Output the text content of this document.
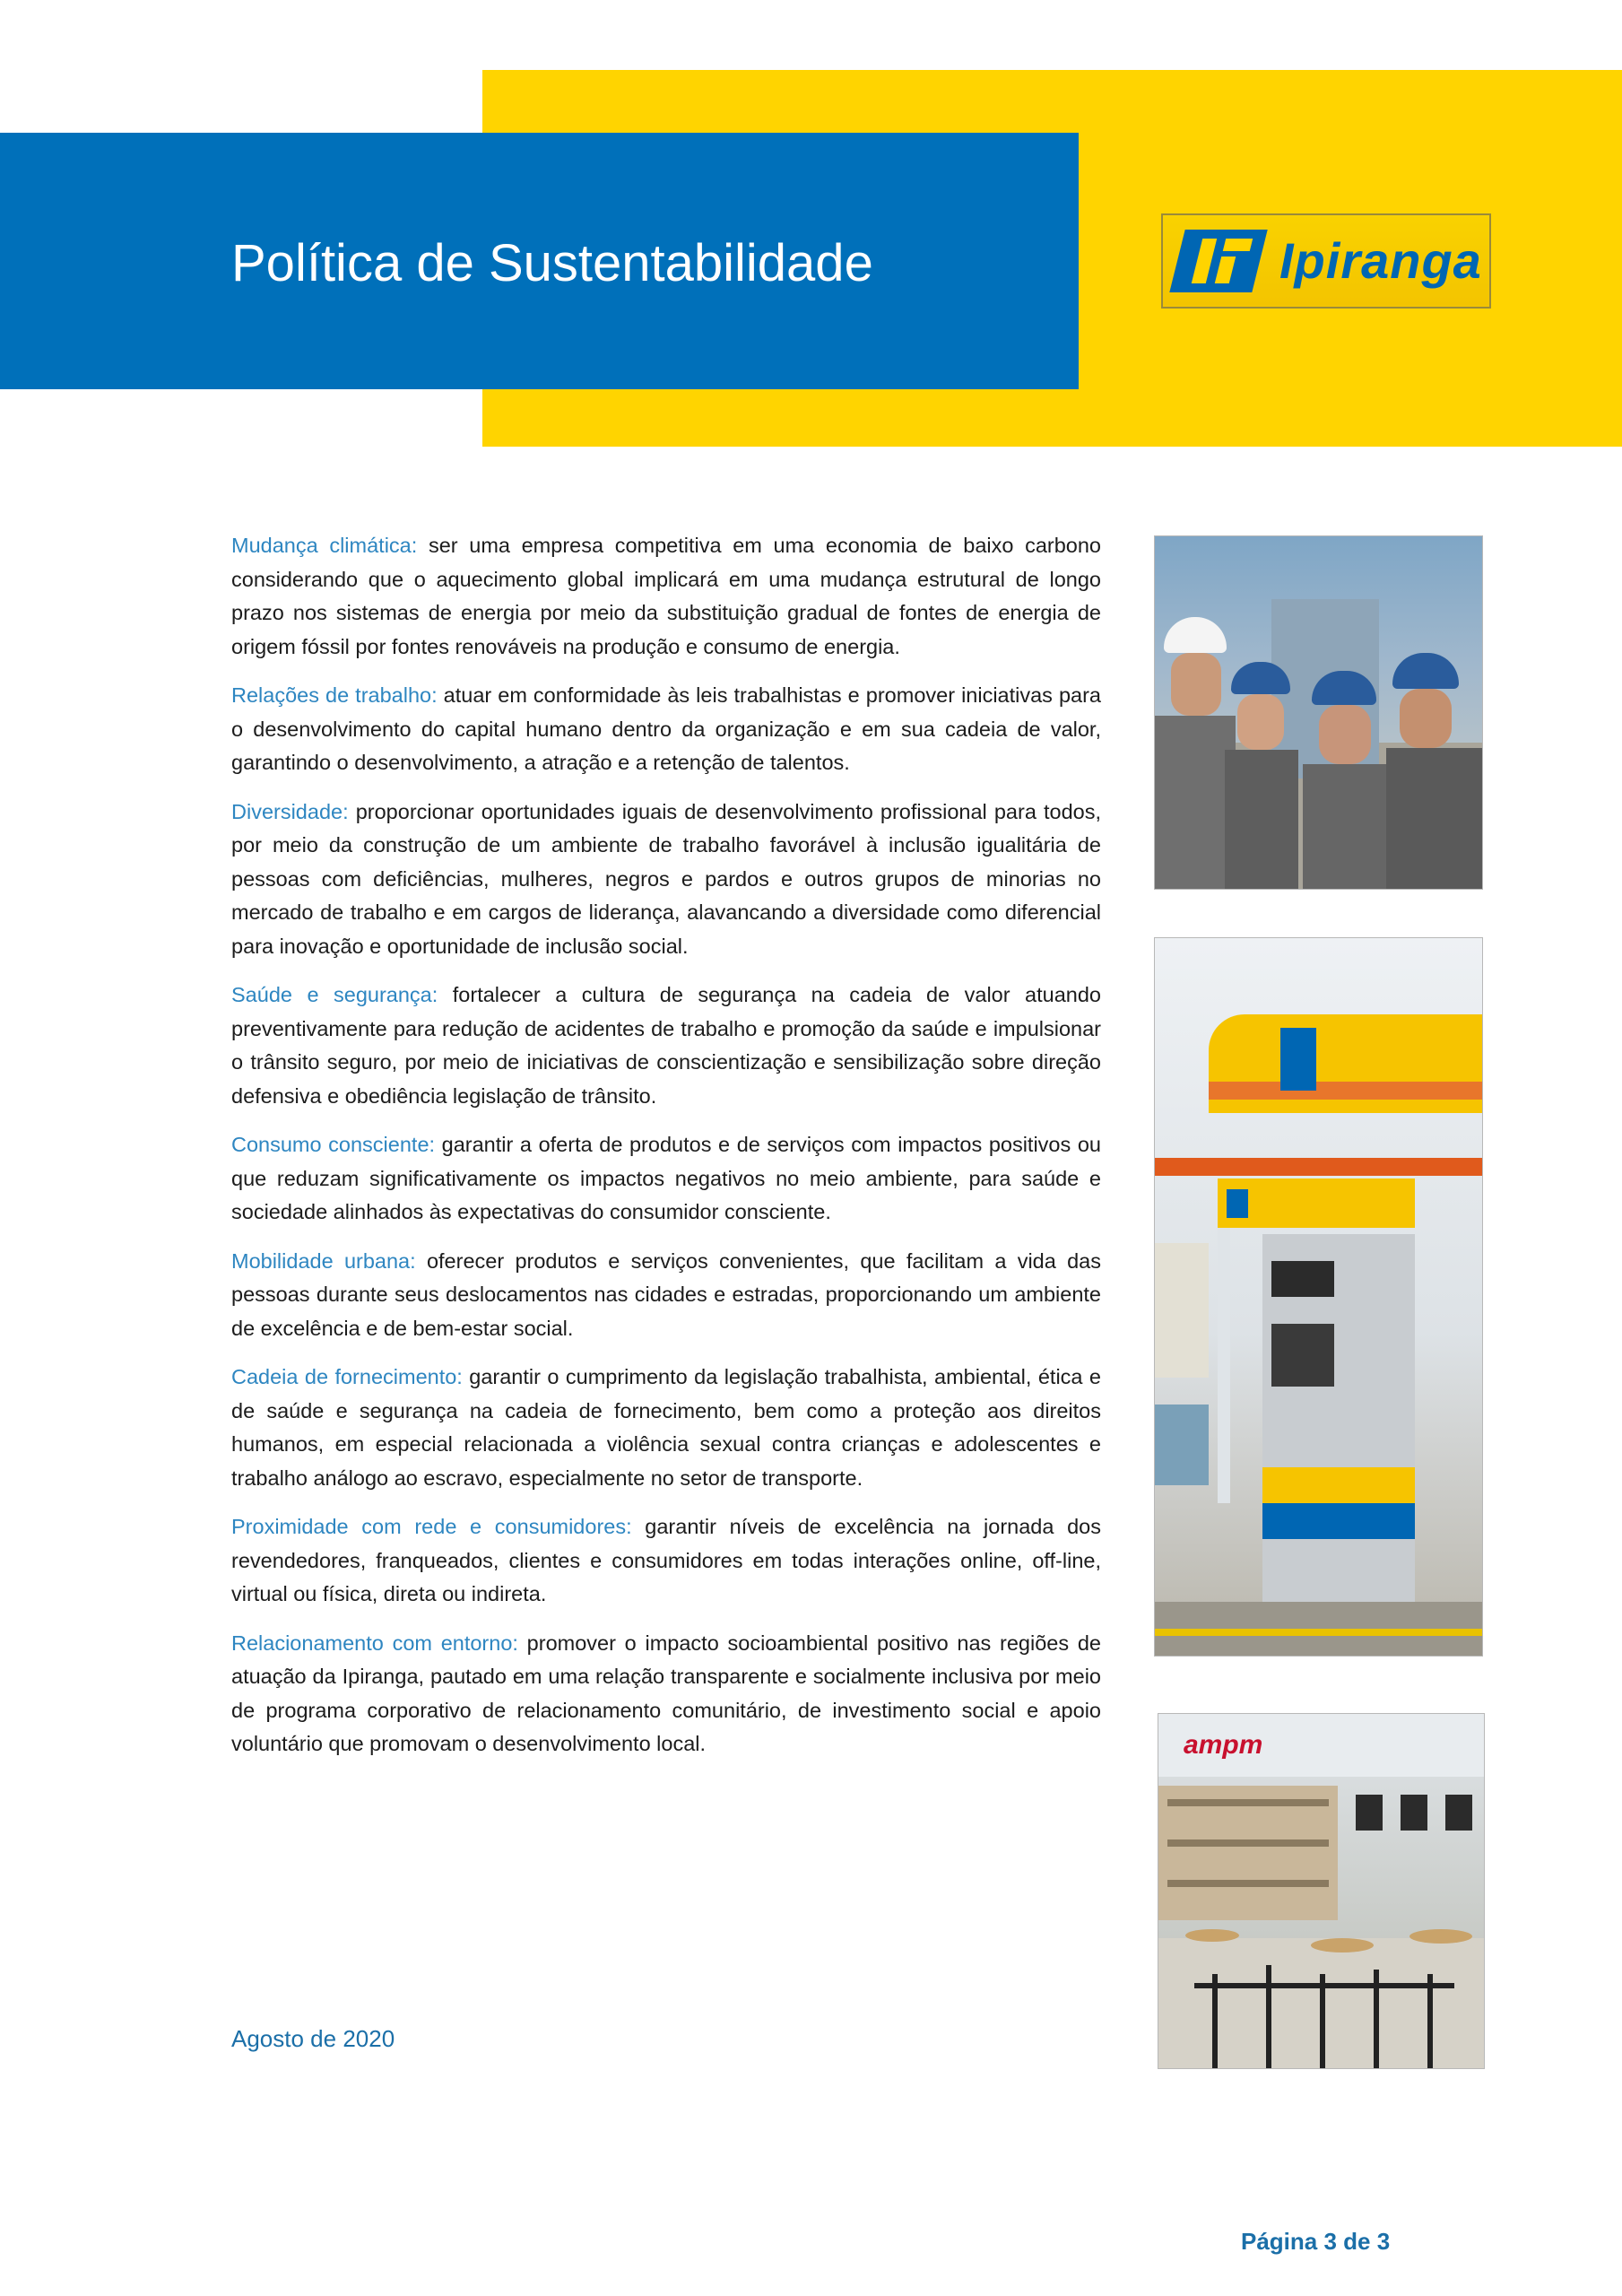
Política de Sustentabilidade	Ipiranga

Mudança climática: ser uma empresa competitiva em uma economia de baixo carbono considerando que o aquecimento global implicará em uma mudança estrutural de longo prazo nos sistemas de energia por meio da substituição gradual de fontes de energia de origem fóssil por fontes renováveis na produção e consumo de energia.

Relações de trabalho: atuar em conformidade às leis trabalhistas e promover iniciativas para o desenvolvimento do capital humano dentro da organização e em sua cadeia de valor, garantindo o desenvolvimento, a atração e a retenção de talentos.

Diversidade: proporcionar oportunidades iguais de desenvolvimento profissional para todos, por meio da construção de um ambiente de trabalho favorável à inclusão igualitária de pessoas com deficiências, mulheres, negros e pardos e outros grupos de minorias no mercado de trabalho e em cargos de liderança, alavancando a diversidade como diferencial para inovação e oportunidade de inclusão social.

Saúde e segurança: fortalecer a cultura de segurança na cadeia de valor atuando preventivamente para redução de acidentes de trabalho e promoção da saúde e impulsionar o trânsito seguro, por meio de iniciativas de conscientização e sensibilização sobre direção defensiva e obediência legislação de trânsito.

Consumo consciente: garantir a oferta de produtos e de serviços com impactos positivos ou que reduzam significativamente os impactos negativos no meio ambiente, para saúde e sociedade alinhados às expectativas do consumidor consciente.

Mobilidade urbana: oferecer produtos e serviços convenientes, que facilitam a vida das pessoas durante seus deslocamentos nas cidades e estradas, proporcionando um ambiente de excelência e de bem-estar social.

Cadeia de fornecimento: garantir o cumprimento da legislação trabalhista, ambiental, ética e de saúde e segurança na cadeia de fornecimento, bem como a proteção aos direitos humanos, em especial relacionada a violência sexual contra crianças e adolescentes e trabalho análogo ao escravo, especialmente no setor de transporte.

Proximidade com rede e consumidores: garantir níveis de excelência na jornada dos revendedores, franqueados, clientes e consumidores em todas interações online, off-line, virtual ou física, direta ou indireta.

Relacionamento com entorno: promover o impacto socioambiental positivo nas regiões de atuação da Ipiranga, pautado em uma relação transparente e socialmente inclusiva por meio de programa corporativo de relacionamento comunitário, de investimento social e apoio voluntário que promovam o desenvolvimento local.	ampm
Agosto de 2020
Página 3 de 3
